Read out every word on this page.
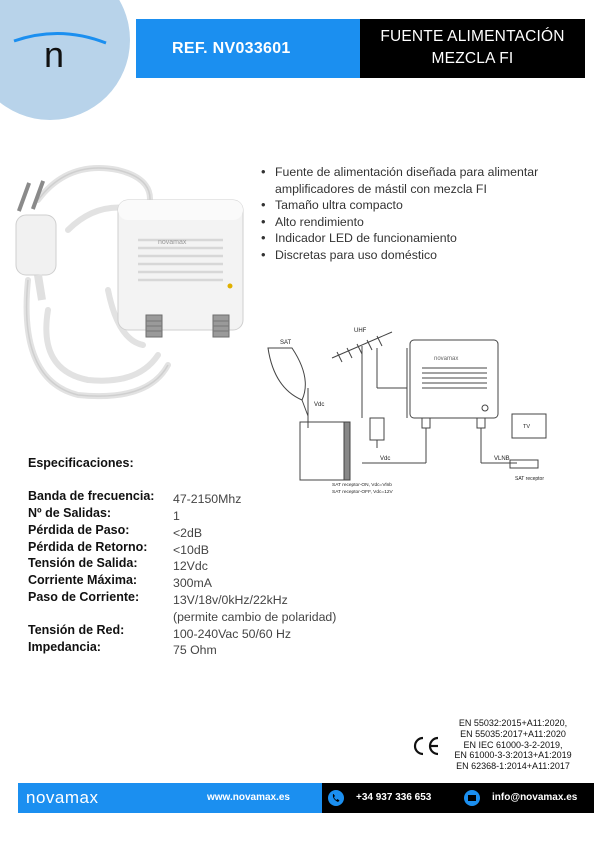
n	REF. NV033601
FUENTE ALIMENTACIÓN
MEZCLA FI
novamax
• Fuente de alimentación diseñada para alimentar amplificadores de mástil con mezcla FI
• Tamaño ultra compacto
• Alto rendimiento
• Indicador LED de funcionamiento
• Discretas para uso doméstico
SAT
UHF
Vdc
Vdc	VLNB
TV
SAT receptor
novamax
SAT receptor-ON, Vdc=Vlnb
SAT receptor-OFF, Vdc=12V
Especificaciones:
Banda de frecuencia: 47-2150Mhz
Nº de Salidas:	1
Pérdida de Paso:	<2dB
Pérdida de Retorno: <10dB
Tensión de Salida:	12Vdc
Corriente Máxima:	300mA
Paso de Corriente:	13V/18v/0kHz/22kHz
(permite cambio de polaridad)
Tensión de Red:	100-240Vac 50/60 Hz
Impedancia:	75 Ohm
EN 55032:2015+A11:2020,
EN 55035:2017+A11:2020
EN IEC 61000-3-2-2019,
EN 61000-3-3:2013+A1:2019
EN 62368-1:2014+A11:2017
novamax	www.novamax.es	+34 937 336 653	info@novamax.es
